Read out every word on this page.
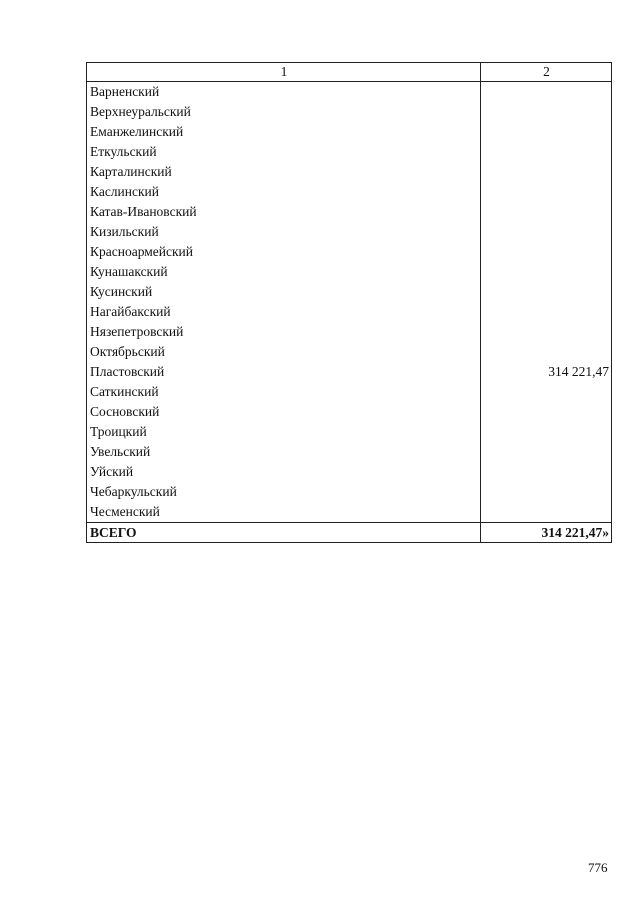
1	2
Варненский	
Верхнеуральский	
Еманжелинский	
Еткульский	
Карталинский	
Каслинский	
Катав-Ивановский	
Кизильский	
Красноармейский	
Кунашакский	
Кусинский	
Нагайбакский	
Нязепетровский	
Октябрьский	
Пластовский	314 221,47
Саткинский	
Сосновский	
Троицкий	
Увельский	
Уйский	
Чебаркульский	
Чесменский	
ВСЕГО	314 221,47»
776
